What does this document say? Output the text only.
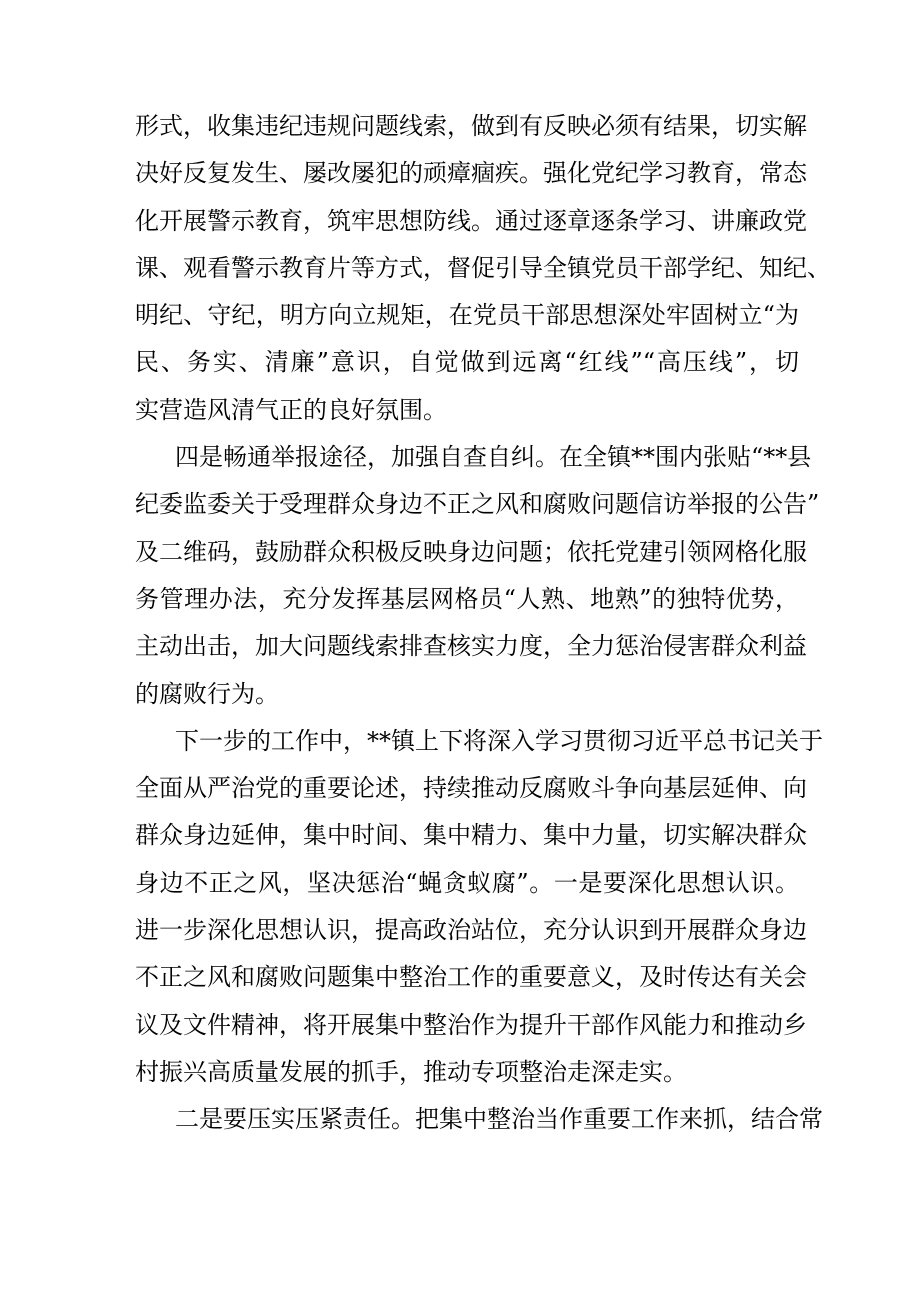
形式，收集违纪违规问题线索，做到有反映必须有结果，切实解
决好反复发生、屡改屡犯的顽瘴痼疾。强化党纪学习教育，常态
化开展警示教育，筑牢思想防线。通过逐章逐条学习、讲廉政党
课、观看警示教育片等方式，督促引导全镇党员干部学纪、知纪、
明纪、守纪，明方向立规矩，在党员干部思想深处牢固树立“为
民、务实、清廉”意识，自觉做到远离“红线”“高压线”，切
实营造风清气正的良好氛围。
四是畅通举报途径，加强自查自纠。在全镇**围内张贴“**县
纪委监委关于受理群众身边不正之风和腐败问题信访举报的公告”
及二维码，鼓励群众积极反映身边问题；依托党建引领网格化服
务管理办法，充分发挥基层网格员“人熟、地熟”的独特优势，
主动出击，加大问题线索排查核实力度，全力惩治侵害群众利益
的腐败行为。
下一步的工作中，**镇上下将深入学习贯彻习近平总书记关于
全面从严治党的重要论述，持续推动反腐败斗争向基层延伸、向
群众身边延伸，集中时间、集中精力、集中力量，切实解决群众
身边不正之风，坚决惩治“蝇贪蚁腐”。一是要深化思想认识。
进一步深化思想认识，提高政治站位，充分认识到开展群众身边
不正之风和腐败问题集中整治工作的重要意义，及时传达有关会
议及文件精神，将开展集中整治作为提升干部作风能力和推动乡
村振兴高质量发展的抓手，推动专项整治走深走实。
二是要压实压紧责任。把集中整治当作重要工作来抓，结合常
